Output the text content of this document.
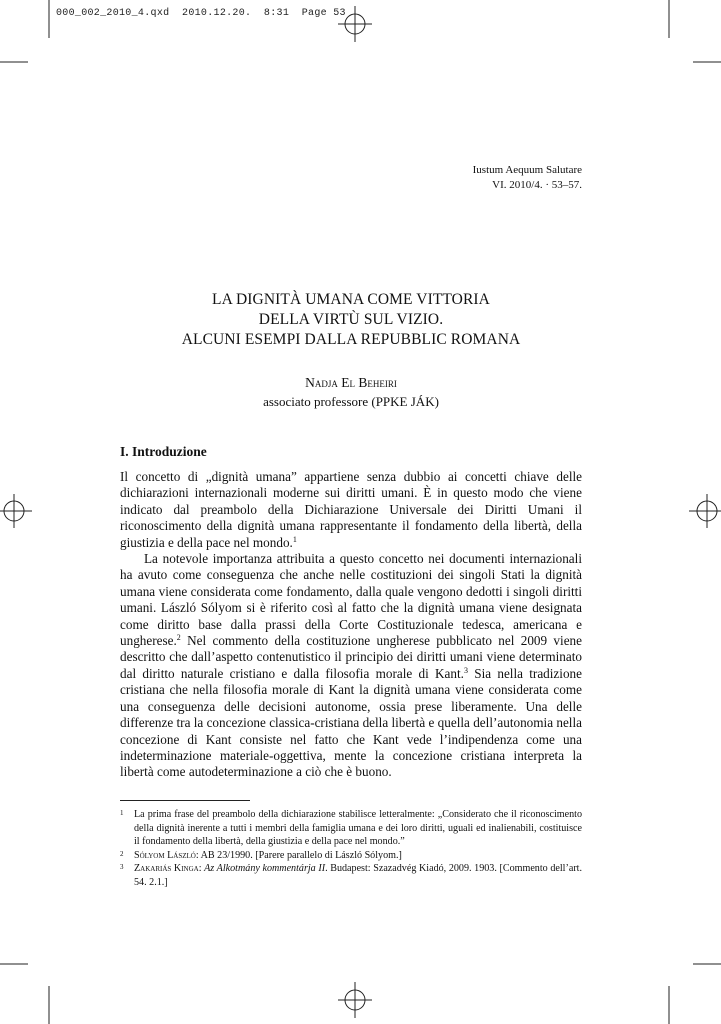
000_002_2010_4.qxd  2010.12.20.  8:31  Page 53
Iustum Aequum Salutare
VI. 2010/4. · 53–57.
LA DIGNITÀ UMANA COME VITTORIA
DELLA VIRTÙ SUL VIZIO.
ALCUNI ESEMPI DALLA REPUBBLIC ROMANA
Nadja El Beheiri
associato professore (PPKE JÁK)
I. Introduzione

Il concetto di „dignità umana” appartiene senza dubbio ai concetti chiave delle dichiarazioni internazionali moderne sui diritti umani. È in questo modo che viene indicato dal preambolo della Dichiarazione Universale dei Diritti Umani il riconoscimento della dignità umana rappresentante il fondamento della libertà, della giustizia e della pace nel mondo.$^1$

La notevole importanza attribuita a questo concetto nei documenti internazionali ha avuto come conseguenza che anche nelle costituzioni dei singoli Stati la dignità umana viene considerata come fondamento, dalla quale vengono dedotti i singoli diritti umani. László Sólyom si è riferito così al fatto che la dignità umana viene designata come diritto base dalla prassi della Corte Costituzionale tedesca, americana e ungherese.$^2$ Nel commento della costituzione ungherese pubblicato nel 2009 viene descritto che dall’aspetto contenutistico il principio dei diritti umani viene determinato dal diritto naturale cristiano e dalla filosofia morale di Kant.$^3$ Sia nella tradizione cristiana che nella filosofia morale di Kant la dignità umana viene considerata come una conseguenza delle decisioni autonome, ossia prese liberamente. Una delle differenze tra la concezione classica-cristiana della libertà e quella dell’autonomia nella concezione di Kant consiste nel fatto che Kant vede l’indipendenza come una indeterminazione materiale-oggettiva, mente la concezione cristiana interpreta la libertà come autodeterminazione a ciò che è buono.

1 La prima frase del preambolo della dichiarazione stabilisce letteralmente: „Considerato che il riconoscimento della dignità inerente a tutti i membri della famiglia umana e dei loro diritti, uguali ed inalienabili, costituisce il fondamento della libertà, della giustizia e della pace nel mondo.”
2 Sólyom László: AB 23/1990. [Parere parallelo di László Sólyom.]
3 Zakariás Kinga: Az Alkotmány kommentárja II. Budapest: Szazadvég Kiadó, 2009. 1903. [Commento dell’art. 54. 2.1.]
